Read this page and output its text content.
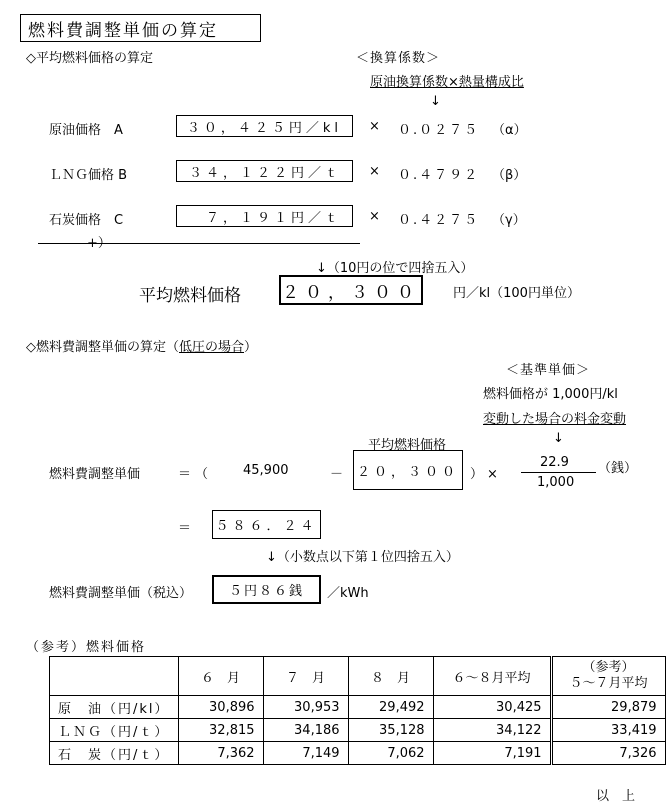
燃料費調整単価の算定
◇平均燃料価格の算定	＜換算係数＞
原油換算係数×熱量構成比
↓
原油価格　A	３０，４２５円／kl	× ０.０２７５ （α）
ＬＮＧ価格 B	３４，１２２円／ｔ	× ０.４７９２ （β）
石炭価格　C	７，１９１円／ｔ	× ０.４２７５ （γ）
+）
↓（10円の位で四捨五入）
平均燃料価格 ２０，３００	円／kl（100円単位）
◇燃料費調整単価の算定（低圧の場合）
＜基準単価＞
燃料価格が 1,000円/kl
変動した場合の料金変動
↓
平均燃料価格
燃料費調整単価	＝（ 45,900	－	２０，３００ ）×
22.9
1,000
（銭）
＝ ５８６．２４
↓（小数点以下第１位四捨五入）
燃料費調整単価（税込）	５円８６銭	／kWh
（参考）燃料価格
	６　月	７　月	８　月	６～８月平均	（参考）
５～７月平均

原　油（円/kl）	30,896	30,953	29,492	30,425	29,879
ＬＮＧ（円/ｔ）	32,815	34,186	35,128	34,122	33,419
石　炭（円/ｔ）	7,362	7,149	7,062	7,191	7,326
以　上
